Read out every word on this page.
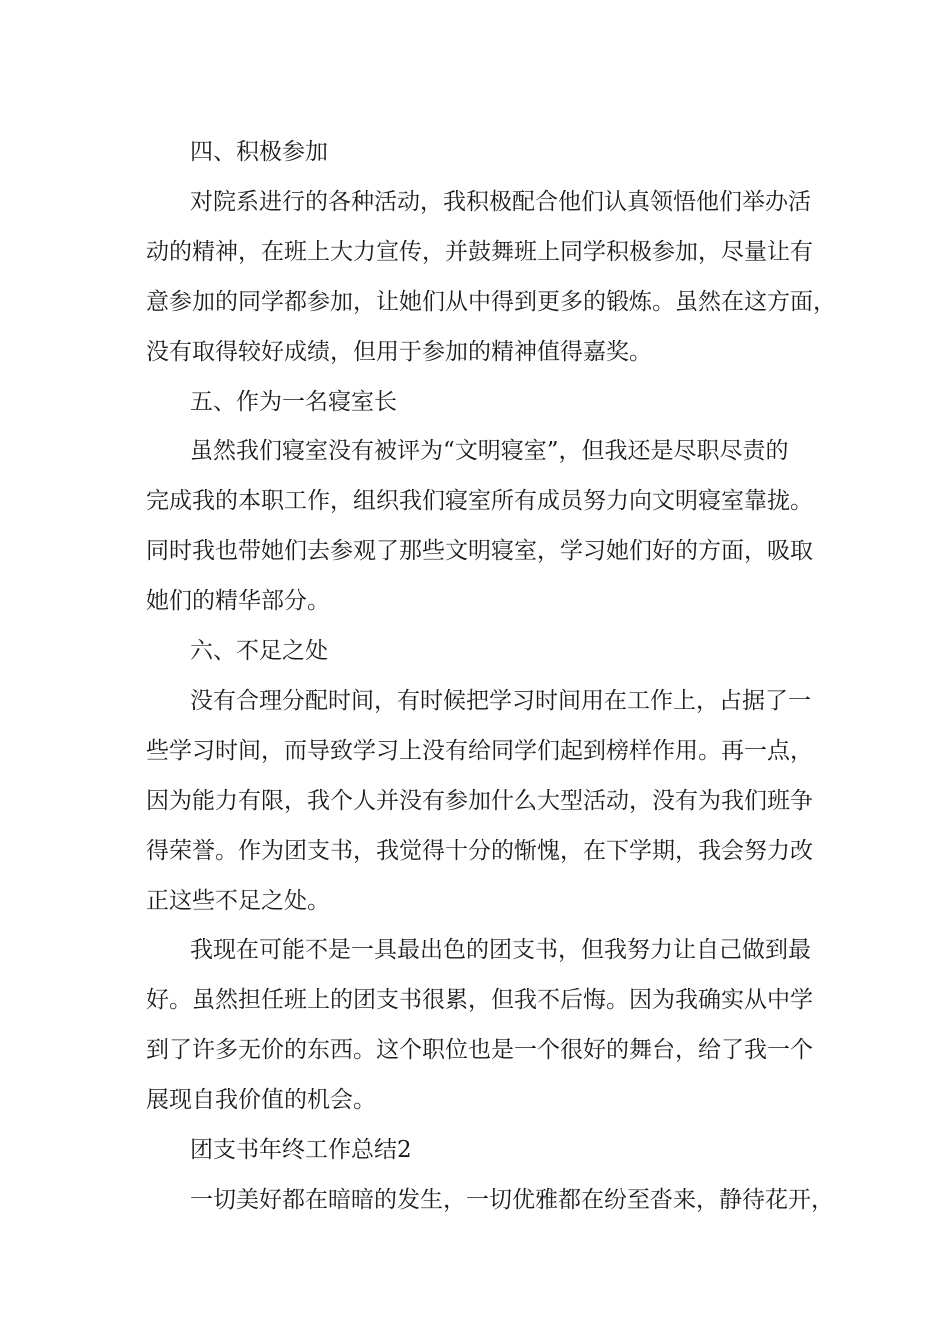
四、积极参加

对院系进行的各种活动，我积极配合他们认真领悟他们举办活

动的精神，在班上大力宣传，并鼓舞班上同学积极参加，尽量让有

意参加的同学都参加，让她们从中得到更多的锻炼。虽然在这方面，

没有取得较好成绩，但用于参加的精神值得嘉奖。

五、作为一名寝室长

虽然我们寝室没有被评为“文明寝室”，但我还是尽职尽责的

完成我的本职工作，组织我们寝室所有成员努力向文明寝室靠拢。

同时我也带她们去参观了那些文明寝室，学习她们好的方面，吸取

她们的精华部分。

六、不足之处

没有合理分配时间，有时候把学习时间用在工作上，占据了一

些学习时间，而导致学习上没有给同学们起到榜样作用。再一点，

因为能力有限，我个人并没有参加什么大型活动，没有为我们班争

得荣誉。作为团支书，我觉得十分的惭愧，在下学期，我会努力改

正这些不足之处。

我现在可能不是一具最出色的团支书，但我努力让自己做到最

好。虽然担任班上的团支书很累，但我不后悔。因为我确实从中学

到了许多无价的东西。这个职位也是一个很好的舞台，给了我一个

展现自我价值的机会。

团支书年终工作总结2

一切美好都在暗暗的发生，一切优雅都在纷至沓来，静待花开，
